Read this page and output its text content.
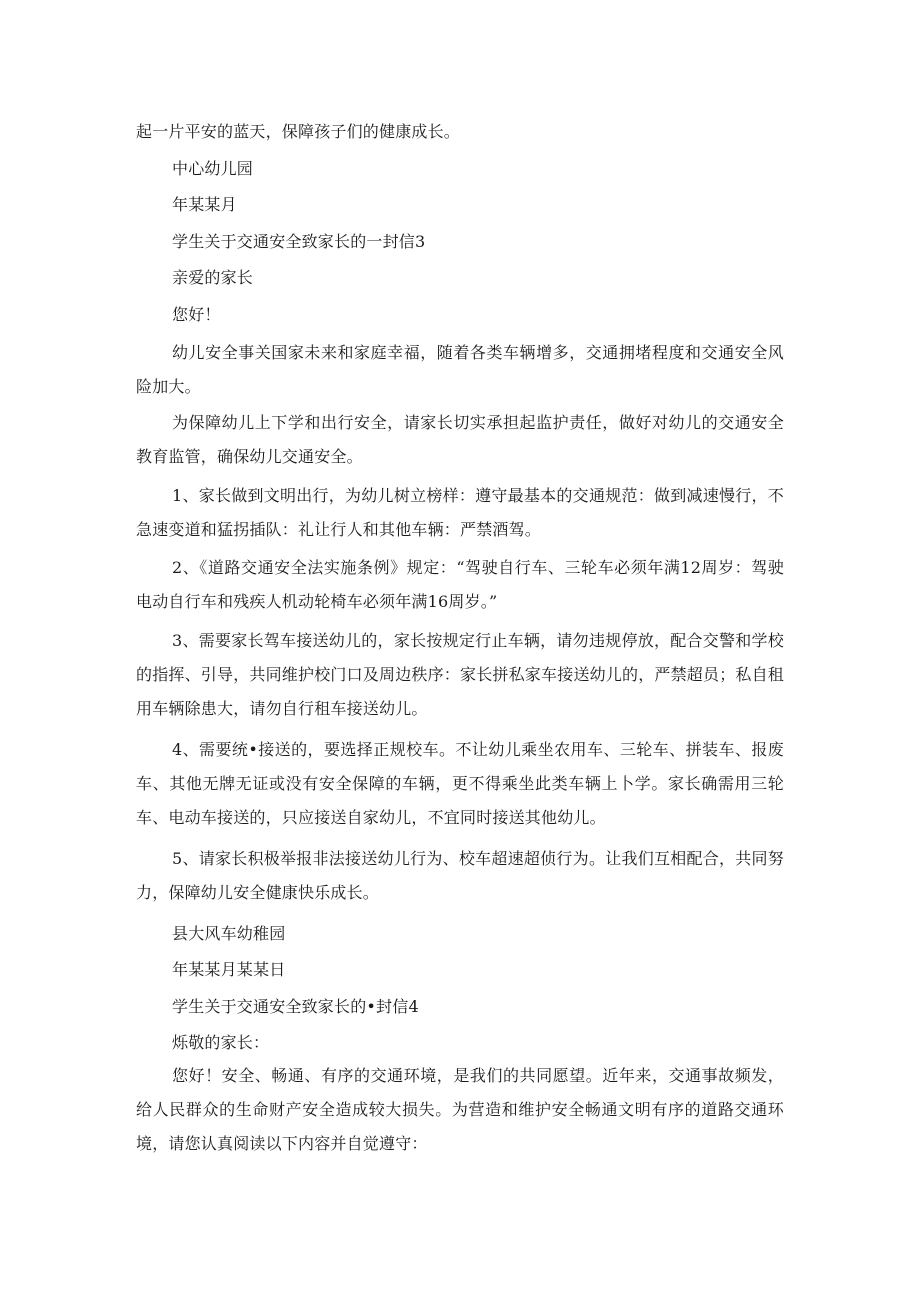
起一片平安的蓝天，保障孩子们的健康成长。
中心幼儿园
年某某月
学生关于交通安全致家长的一封信3
亲爱的家长
您好！
幼儿安全事关国家未来和家庭幸福，随着各类车辆增多，交通拥堵程度和交通安全风险加大。
为保障幼儿上下学和出行安全，请家长切实承担起监护责任，做好对幼儿的交通安全教育监管，确保幼儿交通安全。
1、家长做到文明出行，为幼儿树立榜样：遵守最基本的交通规范：做到减速慢行，不急速变道和猛拐插队：礼让行人和其他车辆：严禁酒驾。
2、《道路交通安全法实施条例》规定：“驾驶自行车、三轮车必须年满12周岁：驾驶电动自行车和残疾人机动轮椅车必须年满16周岁。”
3、需要家长驾车接送幼儿的，家长按规定行止车辆，请勿违规停放，配合交警和学校的指挥、引导，共同维护校门口及周边秩序：家长拼私家车接送幼儿的，严禁超员；私自租用车辆除患大，请勿自行租车接送幼儿。
4、需要统•接送的，要选择正规校车。不让幼儿乘坐农用车、三轮车、拼装车、报废车、其他无牌无证或没有安全保障的车辆，更不得乘坐此类车辆上卜学。家长确需用三轮车、电动车接送的，只应接送自家幼儿，不宜同时接送其他幼儿。
5、请家长积极举报非法接送幼儿行为、校车超速超侦行为。让我们互相配合，共同努力，保障幼儿安全健康快乐成长。
县大风车幼稚园
年某某月某某日
学生关于交通安全致家长的•封信4
烁敬的家长：
您好！安全、畅通、有序的交通环境，是我们的共同愿望。近年来，交通事故频发，给人民群众的生命财产安全造成较大损失。为营造和维护安全畅通文明有序的道路交通环境，请您认真阅读以下内容并自觉遵守：
